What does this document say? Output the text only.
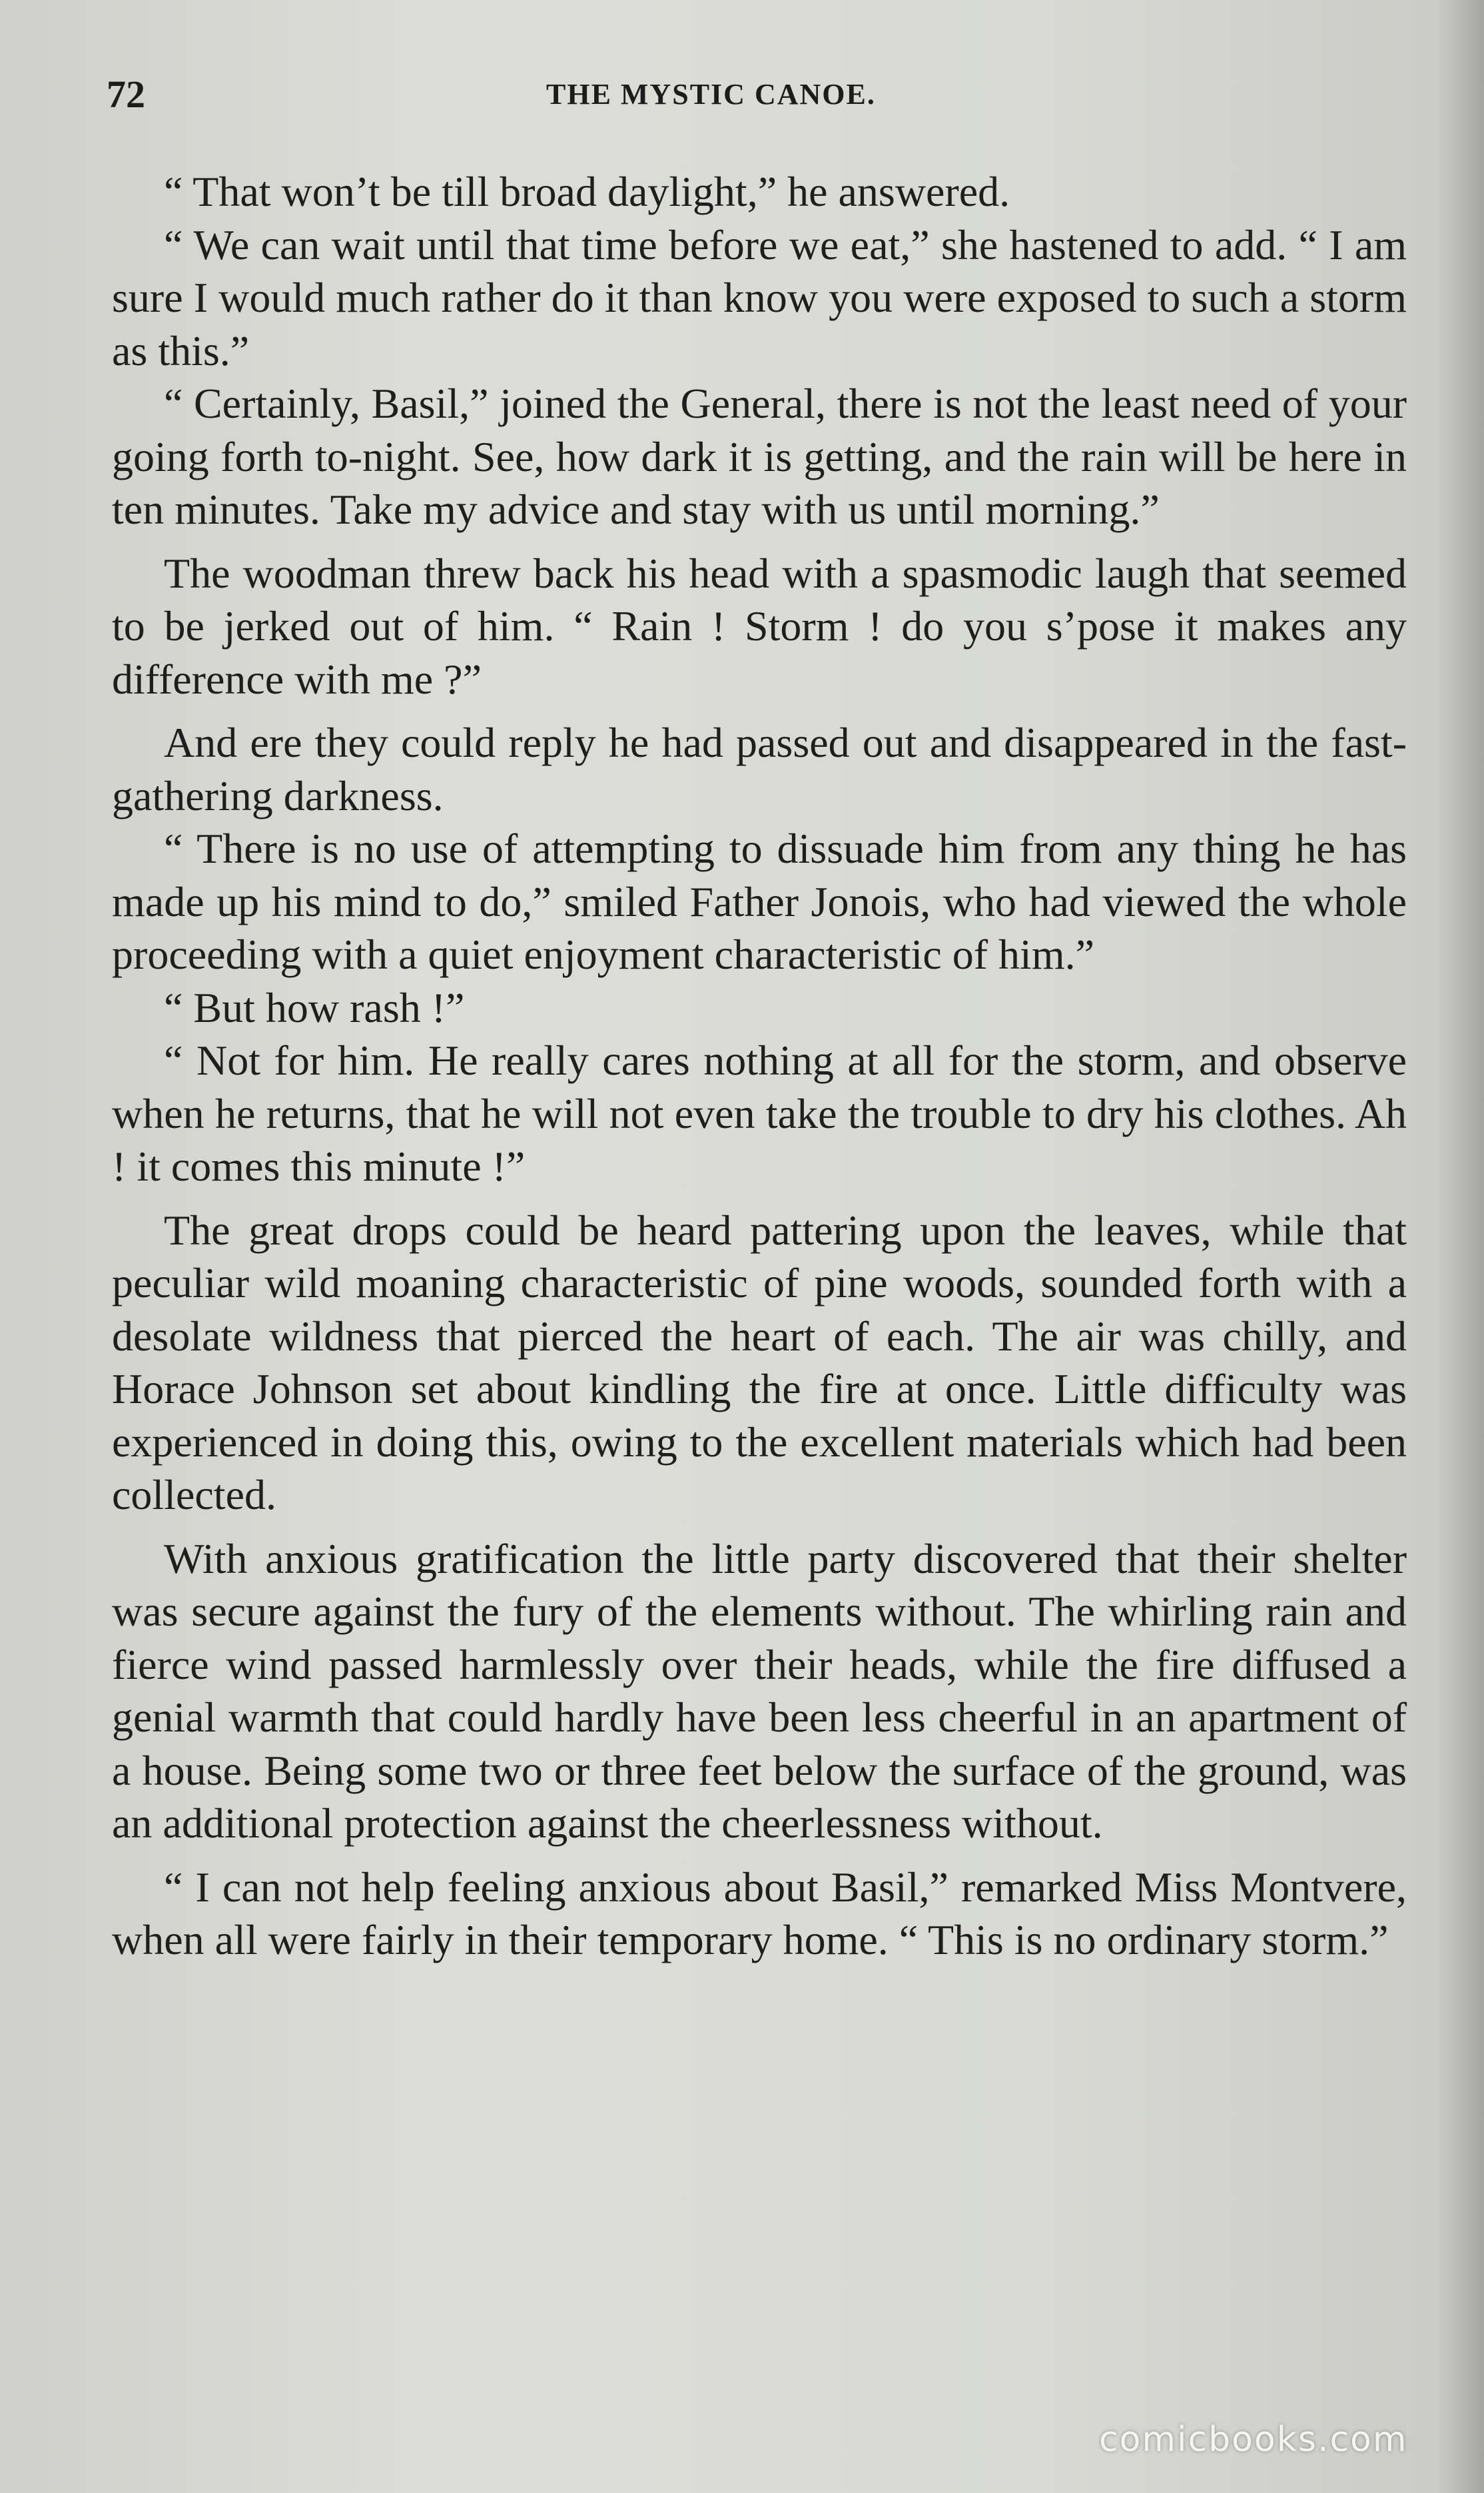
72	THE MYSTIC CANOE.

“ That won’t be till broad daylight,” he answered.

“ We can wait until that time before we eat,” she hastened to add. “ I am sure I would much rather do it than know you were exposed to such a storm as this.”

“ Certainly, Basil,” joined the General, there is not the least need of your going forth to-night. See, how dark it is getting, and the rain will be here in ten minutes. Take my advice and stay with us until morning.”

The woodman threw back his head with a spasmodic laugh that seemed to be jerked out of him. “ Rain ! Storm ! do you s’pose it makes any difference with me ?”

And ere they could reply he had passed out and disappeared in the fast-gathering darkness.

“ There is no use of attempting to dissuade him from any thing he has made up his mind to do,” smiled Father Jonois, who had viewed the whole proceeding with a quiet enjoyment characteristic of him.”

“ But how rash !”

“ Not for him. He really cares nothing at all for the storm, and observe when he returns, that he will not even take the trouble to dry his clothes. Ah ! it comes this minute !”

The great drops could be heard pattering upon the leaves, while that peculiar wild moaning characteristic of pine woods, sounded forth with a desolate wildness that pierced the heart of each. The air was chilly, and Horace Johnson set about kindling the fire at once. Little difficulty was experienced in doing this, owing to the excellent materials which had been collected.

With anxious gratification the little party discovered that their shelter was secure against the fury of the elements without. The whirling rain and fierce wind passed harmlessly over their heads, while the fire diffused a genial warmth that could hardly have been less cheerful in an apartment of a house. Being some two or three feet below the surface of the ground, was an additional protection against the cheerlessness without.

“ I can not help feeling anxious about Basil,” remarked Miss Montvere, when all were fairly in their temporary home. “ This is no ordinary storm.”

comicbooks.com
